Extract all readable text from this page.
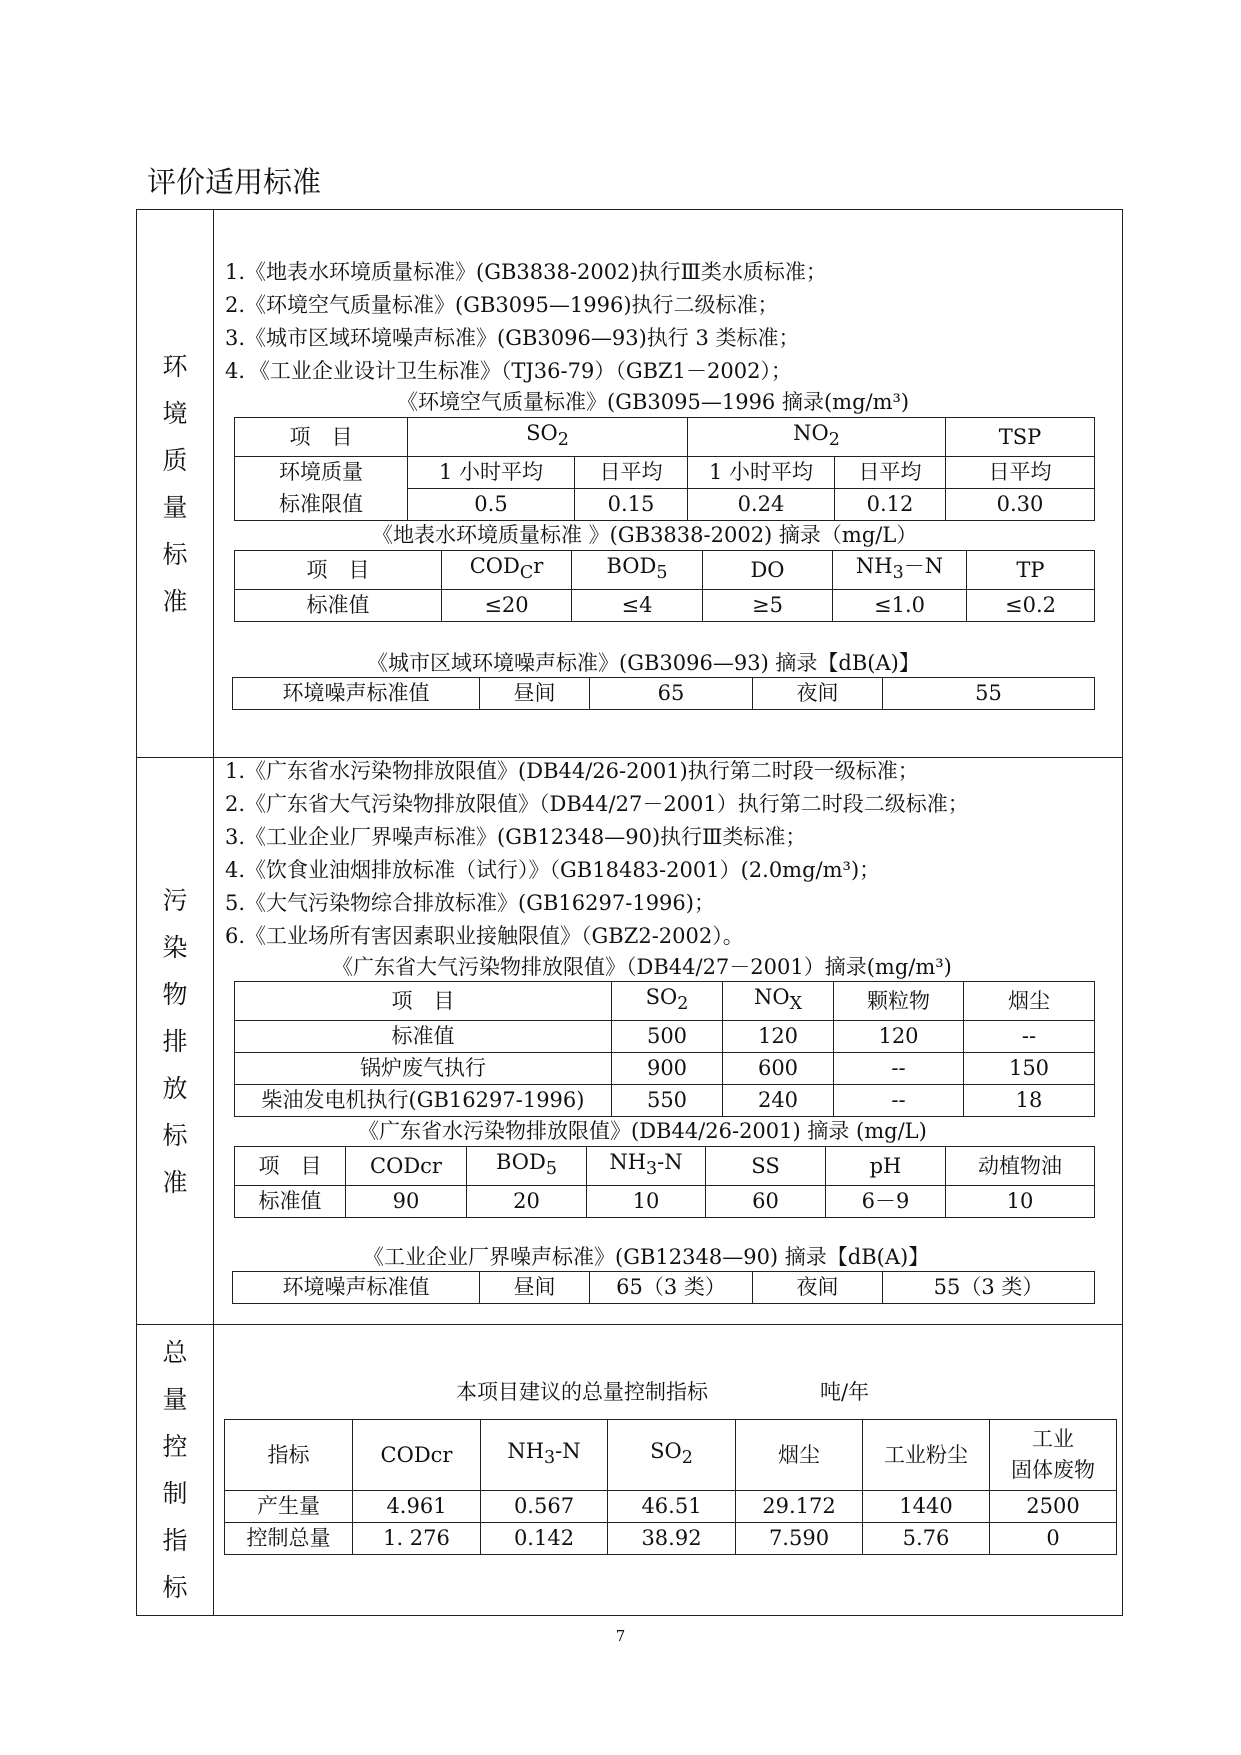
评价适用标准
环
境
质
量
标
准
1.《地表水环境质量标准》(GB3838-2002)执行Ⅲ类水质标准；
2.《环境空气质量标准》(GB3095—1996)执行二级标准；
3.《城市区域环境噪声标准》(GB3096—93)执行 3 类标准；
4．《工业企业设计卫生标准》（TJ36-79）（GBZ1－2002）；
《环境空气质量标准》(GB3095—1996 摘录(mg/m³)
项　目	$SO_2$		$NO_2$		TSP
环境质量	1 小时平均	日平均	1 小时平均	日平均	日平均
标准限值	0.5	0.15	0.24	0.12	0.30
《地表水环境质量标准 》(GB3838-2002) 摘录（mg/L）
项　目	$COD_Cr$	$BOD_5$	DO	$NH_3-N$	TP
标准值	≤20	≤4	≥5	≤1.0	≤0.2
《城市区域环境噪声标准》(GB3096—93) 摘录【dB(A)】
环境噪声标准值	昼间	65	夜间	55
污
染
物
排
放
标
准
1.《广东省水污染物排放限值》(DB44/26-2001)执行第二时段一级标准；
2.《广东省大气污染物排放限值》（DB44/27－2001）执行第二时段二级标准；
3.《工业企业厂界噪声标准》(GB12348—90)执行Ⅲ类标准；
4.《饮食业油烟排放标准（试行）》（GB18483-2001）(2.0mg/m³)；
5.《大气污染物综合排放标准》(GB16297-1996)；
6.《工业场所有害因素职业接触限值》（GBZ2-2002）。
《广东省大气污染物排放限值》（DB44/27－2001）摘录(mg/m³)
项　目	$SO_2$	$NO_X$	颗粒物	烟尘
标准值	500	120	120	--
锅炉废气执行	900	600	--	150
柴油发电机执行(GB16297-1996)	550	240	--	18
《广东省水污染物排放限值》(DB44/26-2001) 摘录 (mg/L)
项　目	CODcr	$BOD_5$	$NH_3-N$	SS	pH	动植物油
标准值	90	20	10	60	6－9	10
《工业企业厂界噪声标准》(GB12348—90) 摘录【dB(A)】
环境噪声标准值	昼间	65（3 类）	夜间	55（3 类）
总
量
控
制
指
标
本项目建议的总量控制指标	吨/年
指标	CODcr	$NH_3-N$	$SO_2$	烟尘	工业粉尘	工业
固体废物

产生量	4.961	0.567	46.51	29.172	1440	2500
控制总量	1. 276	0.142	38.92	7.590	5.76	0
7
